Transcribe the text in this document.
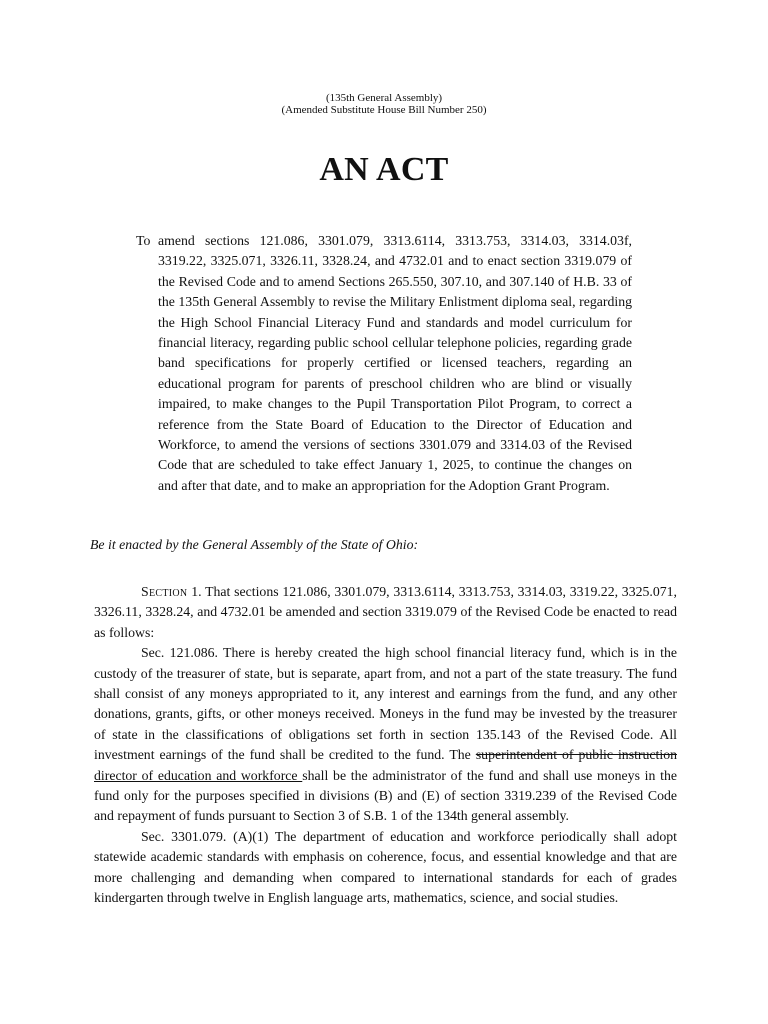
(135th General Assembly)
(Amended Substitute House Bill Number 250)
AN ACT
To amend sections 121.086, 3301.079, 3313.6114, 3313.753, 3314.03, 3314.03f, 3319.22, 3325.071, 3326.11, 3328.24, and 4732.01 and to enact section 3319.079 of the Revised Code and to amend Sections 265.550, 307.10, and 307.140 of H.B. 33 of the 135th General Assembly to revise the Military Enlistment diploma seal, regarding the High School Financial Literacy Fund and standards and model curriculum for financial literacy, regarding public school cellular telephone policies, regarding grade band specifications for properly certified or licensed teachers, regarding an educational program for parents of preschool children who are blind or visually impaired, to make changes to the Pupil Transportation Pilot Program, to correct a reference from the State Board of Education to the Director of Education and Workforce, to amend the versions of sections 3301.079 and 3314.03 of the Revised Code that are scheduled to take effect January 1, 2025, to continue the changes on and after that date, and to make an appropriation for the Adoption Grant Program.
Be it enacted by the General Assembly of the State of Ohio:

Section 1. That sections 121.086, 3301.079, 3313.6114, 3313.753, 3314.03, 3319.22, 3325.071, 3326.11, 3328.24, and 4732.01 be amended and section 3319.079 of the Revised Code be enacted to read as follows:

Sec. 121.086. There is hereby created the high school financial literacy fund, which is in the custody of the treasurer of state, but is separate, apart from, and not a part of the state treasury. The fund shall consist of any moneys appropriated to it, any interest and earnings from the fund, and any other donations, grants, gifts, or other moneys received. Moneys in the fund may be invested by the treasurer of state in the classifications of obligations set forth in section 135.143 of the Revised Code. All investment earnings of the fund shall be credited to the fund. The superintendent of public instruction director of education and workforce shall be the administrator of the fund and shall use moneys in the fund only for the purposes specified in divisions (B) and (E) of section 3319.239 of the Revised Code and repayment of funds pursuant to Section 3 of S.B. 1 of the 134th general assembly.

Sec. 3301.079. (A)(1) The department of education and workforce periodically shall adopt statewide academic standards with emphasis on coherence, focus, and essential knowledge and that are more challenging and demanding when compared to international standards for each of grades kindergarten through twelve in English language arts, mathematics, science, and social studies.
